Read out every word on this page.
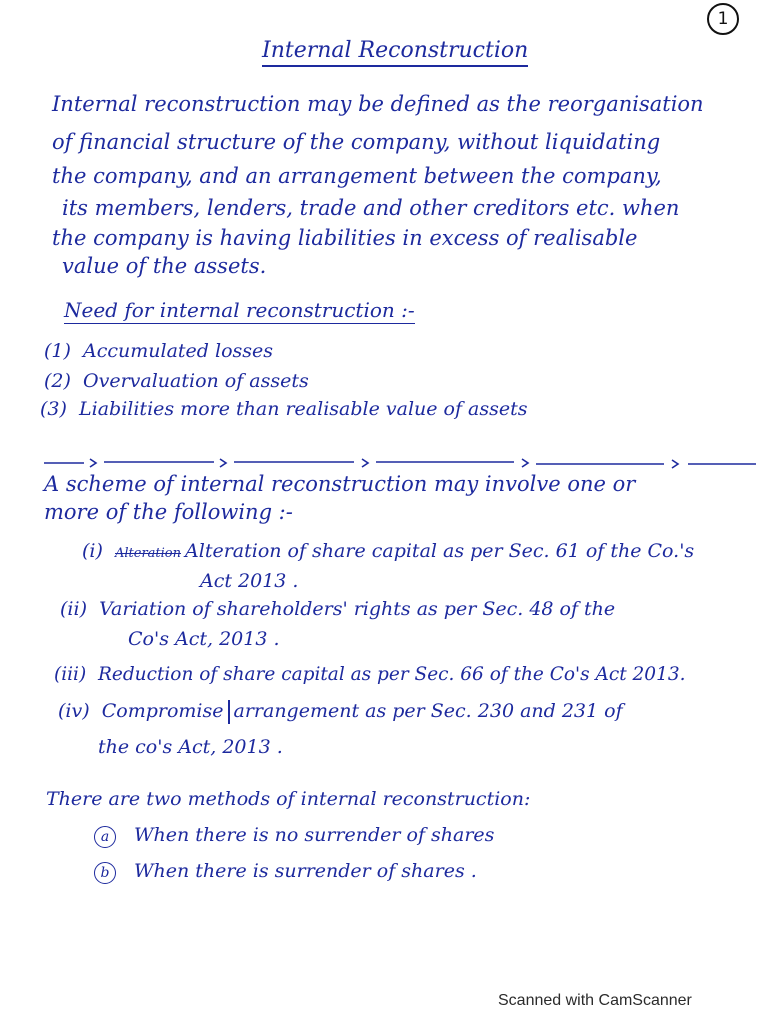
1
Internal Reconstruction
Internal reconstruction may be defined as the reorganisation
of financial structure of the company, without liquidating
the company, and an arrangement between the company,
its members, lenders, trade and other creditors etc. when
the company is having liabilities in excess of realisable
value of the assets.
Need for internal reconstruction :-
(1) Accumulated losses
(2) Overvaluation of assets
(3) Liabilities more than realisable value of assets
A scheme of internal reconstruction may involve one or
more of the following :-
(i) Alteration Alteration of share capital as per Sec. 61 of the Co.'s
Act 2013 .
(ii) Variation of shareholders' rights as per Sec. 48 of the
Co's Act, 2013 .
(iii) Reduction of share capital as per Sec. 66 of the Co's Act 2013.
(iv) Compromise arrangement as per Sec. 230 and 231 of
the co's Act, 2013 .
There are two methods of internal reconstruction:
a When there is no surrender of shares
b When there is surrender of shares .
Scanned with CamScanner
